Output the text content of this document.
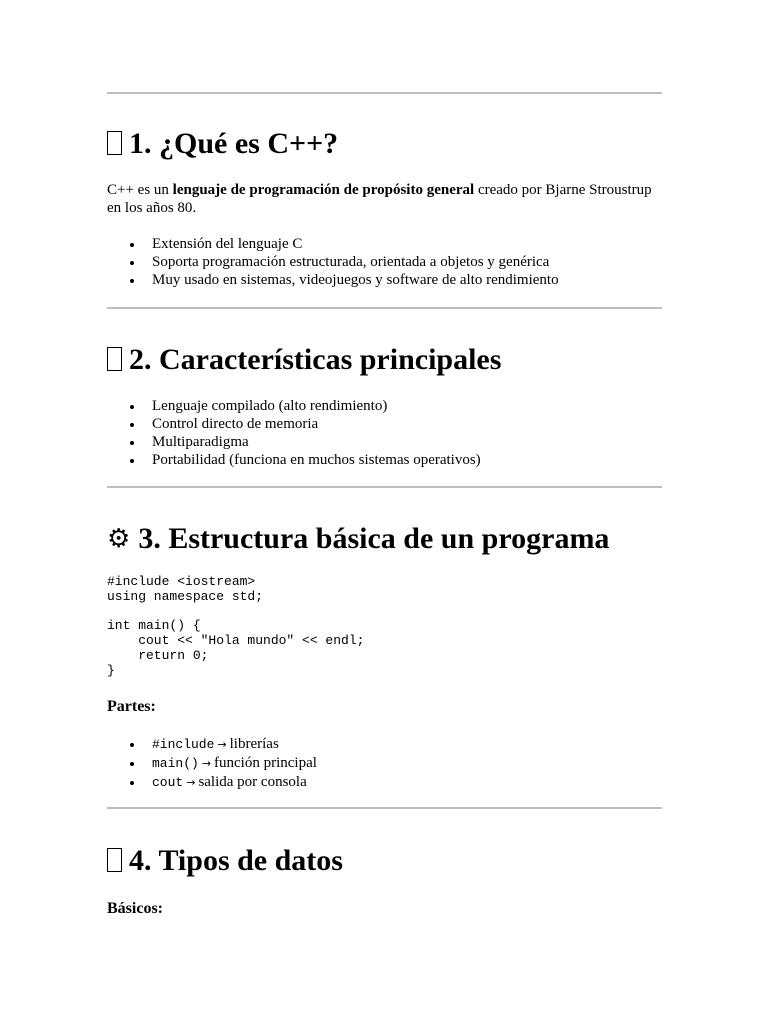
1. ¿Qué es C++?

C++ es un lenguaje de programación de propósito general creado por Bjarne Stroustrup en los años 80.

Extensión del lenguaje C
Soporta programación estructurada, orientada a objetos y genérica
Muy usado en sistemas, videojuegos y software de alto rendimiento
2. Características principales
Lenguaje compilado (alto rendimiento)
Control directo de memoria
Multiparadigma
Portabilidad (funciona en muchos sistemas operativos)
⚙ 3. Estructura básica de un programa
#include <iostream>
using namespace std;

int main() {
cout << "Hola mundo" << endl;
return 0;
}

Partes:

#include → librerías
main() → función principal
cout → salida por consola
4. Tipos de datos

Básicos:
